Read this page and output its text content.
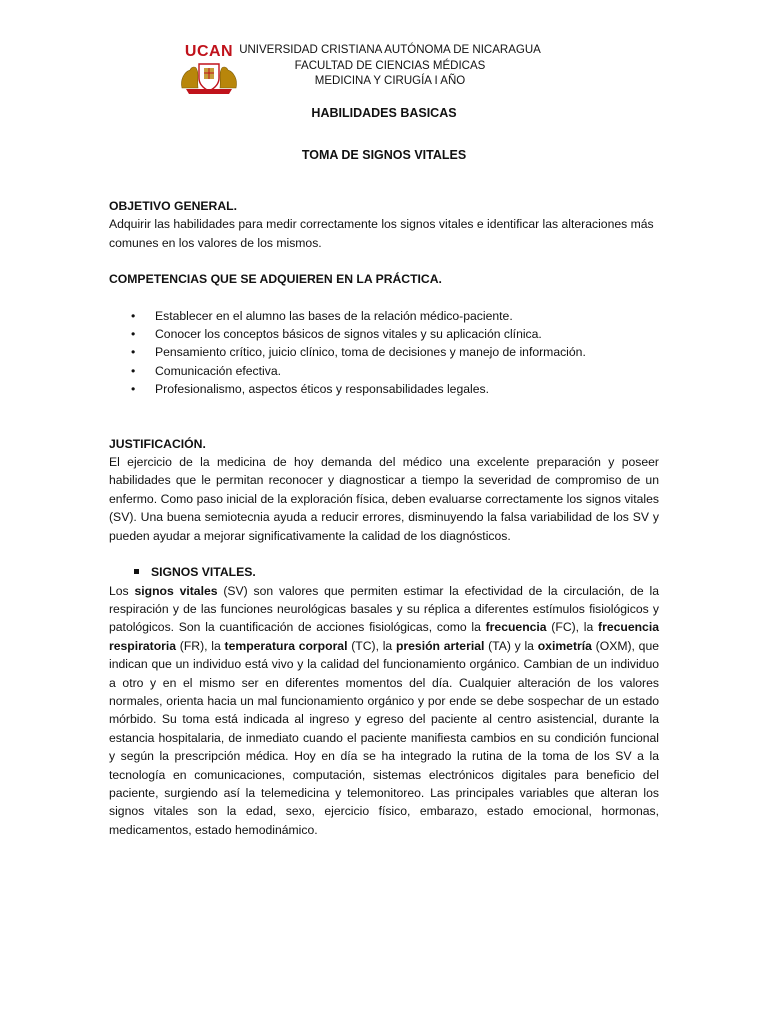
UCAN UNIVERSIDAD CRISTIANA AUTÓNOMA DE NICARAGUA
FACULTAD DE CIENCIAS MÉDICAS
MEDICINA Y CIRUGÍA I AÑO
HABILIDADES BASICAS
TOMA DE SIGNOS VITALES

OBJETIVO GENERAL.

Adquirir las habilidades para medir correctamente los signos vitales e identificar las alteraciones más comunes en los valores de los mismos.

COMPETENCIAS QUE SE ADQUIEREN EN LA PRÁCTICA.

• Establecer en el alumno las bases de la relación médico-paciente.
• Conocer los conceptos básicos de signos vitales y su aplicación clínica.
• Pensamiento crítico, juicio clínico, toma de decisiones y manejo de información.
• Comunicación efectiva.
• Profesionalismo, aspectos éticos y responsabilidades legales.

JUSTIFICACIÓN.

El ejercicio de la medicina de hoy demanda del médico una excelente preparación y poseer habilidades que le permitan reconocer y diagnosticar a tiempo la severidad de compromiso de un enfermo. Como paso inicial de la exploración física, deben evaluarse correctamente los signos vitales (SV). Una buena semiotecnia ayuda a reducir errores, disminuyendo la falsa variabilidad de los SV y pueden ayudar a mejorar significativamente la calidad de los diagnósticos.

SIGNOS VITALES.

Los signos vitales (SV) son valores que permiten estimar la efectividad de la circulación, de la respiración y de las funciones neurológicas basales y su réplica a diferentes estímulos fisiológicos y patológicos. Son la cuantificación de acciones fisiológicas, como la frecuencia (FC), la frecuencia respiratoria (FR), la temperatura corporal (TC), la presión arterial (TA) y la oximetría (OXM), que indican que un individuo está vivo y la calidad del funcionamiento orgánico. Cambian de un individuo a otro y en el mismo ser en diferentes momentos del día. Cualquier alteración de los valores normales, orienta hacia un mal funcionamiento orgánico y por ende se debe sospechar de un estado mórbido. Su toma está indicada al ingreso y egreso del paciente al centro asistencial, durante la estancia hospitalaria, de inmediato cuando el paciente manifiesta cambios en su condición funcional y según la prescripción médica. Hoy en día se ha integrado la rutina de la toma de los SV a la tecnología en comunicaciones, computación, sistemas electrónicos digitales para beneficio del paciente, surgiendo así la telemedicina y telemonitoreo. Las principales variables que alteran los signos vitales son la edad, sexo, ejercicio físico, embarazo, estado emocional, hormonas, medicamentos, estado hemodinámico.
